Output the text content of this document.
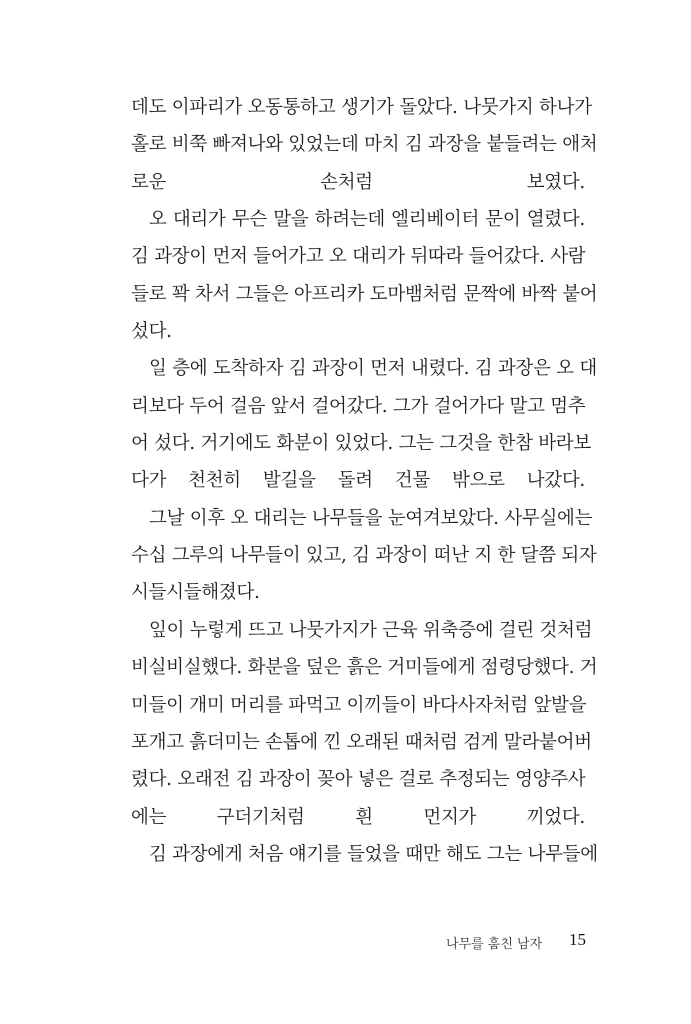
데도 이파리가 오동통하고 생기가 돌았다. 나뭇가지 하나가
홀로 비쭉 빠져나와 있었는데 마치 김 과장을 붙들려는 애처
로운 손처럼 보였다.
오 대리가 무슨 말을 하려는데 엘리베이터 문이 열렸다.
김 과장이 먼저 들어가고 오 대리가 뒤따라 들어갔다. 사람
들로 꽉 차서 그들은 아프리카 도마뱀처럼 문짝에 바짝 붙어
섰다.
일 층에 도착하자 김 과장이 먼저 내렸다. 김 과장은 오 대
리보다 두어 걸음 앞서 걸어갔다. 그가 걸어가다 말고 멈추
어 섰다. 거기에도 화분이 있었다. 그는 그것을 한참 바라보
다가 천천히 발길을 돌려 건물 밖으로 나갔다.
그날 이후 오 대리는 나무들을 눈여겨보았다. 사무실에는
수십 그루의 나무들이 있고, 김 과장이 떠난 지 한 달쯤 되자
시들시들해졌다.
잎이 누렇게 뜨고 나뭇가지가 근육 위축증에 걸린 것처럼
비실비실했다. 화분을 덮은 흙은 거미들에게 점령당했다. 거
미들이 개미 머리를 파먹고 이끼들이 바다사자처럼 앞발을
포개고 흙더미는 손톱에 낀 오래된 때처럼 검게 말라붙어버
렸다. 오래전 김 과장이 꽂아 넣은 걸로 추정되는 영양주사
에는 구더기처럼 흰 먼지가 끼었다.
김 과장에게 처음 얘기를 들었을 때만 해도 그는 나무들에
나무를 훔친 남자 15
